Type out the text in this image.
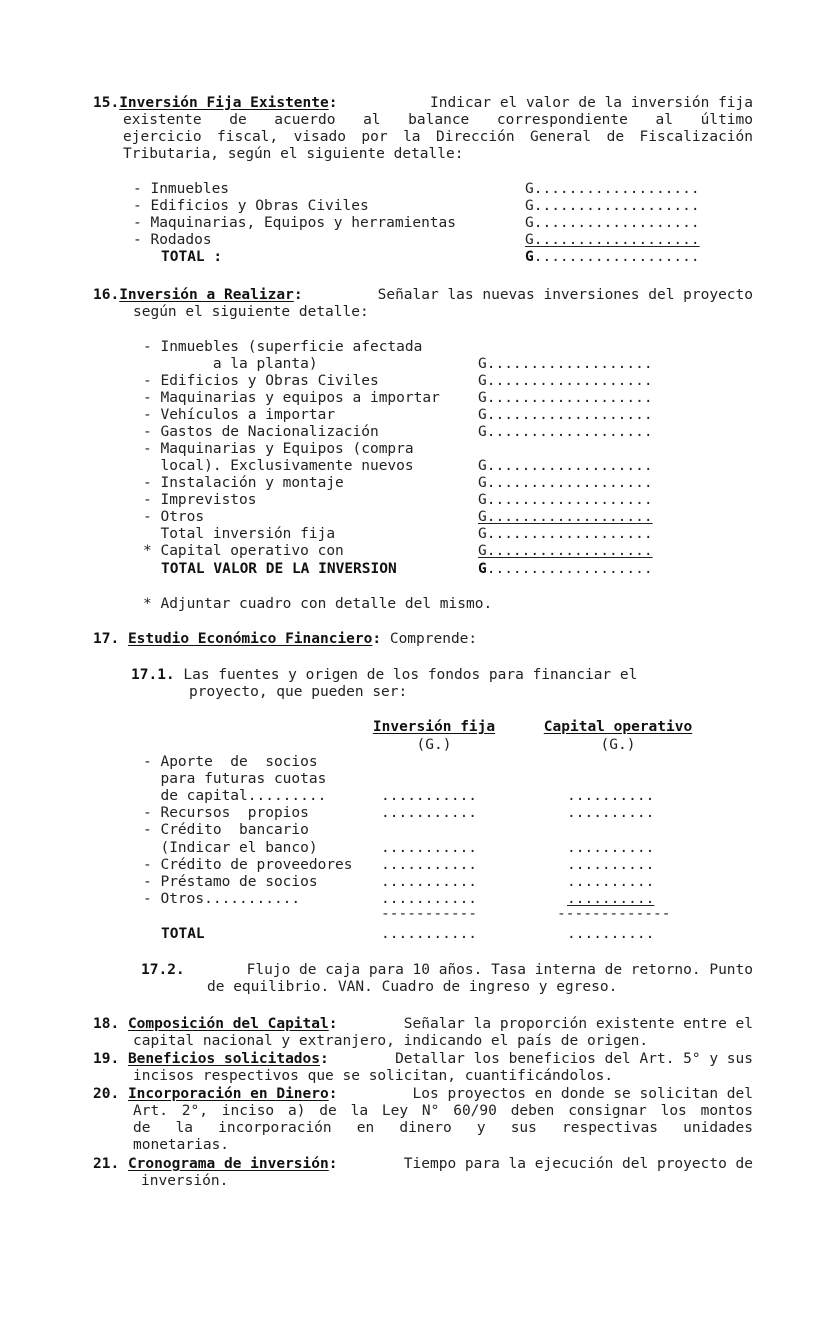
15.Inversión Fija Existente:	Indicar el valor de la inversión fija
existente de acuerdo al balance correspondiente al último
ejercicio fiscal, visado por la Dirección General de Fiscalización
Tributaria, según el siguiente detalle:
- Inmuebles	G...................
- Edificios y Obras Civiles	G...................
- Maquinarias, Equipos y herramientas	G...................
- Rodados	G...................
TOTAL :	G...................
16.Inversión a Realizar:	Señalar las nuevas inversiones del proyecto
según el siguiente detalle:
- Inmuebles (superficie afectada
a la planta)	G...................
- Edificios y Obras Civiles	G...................
- Maquinarias y equipos a importar	G...................
- Vehículos a importar	G...................
- Gastos de Nacionalización	G...................
- Maquinarias y Equipos (compra
local). Exclusivamente nuevos	G...................
- Instalación y montaje	G...................
- Imprevistos	G...................
- Otros	G...................
Total inversión fija	G...................
* Capital operativo con	G...................
TOTAL VALOR DE LA INVERSION	G...................
* Adjuntar cuadro con detalle del mismo.
17. Estudio Económico Financiero: Comprende:
17.1. Las fuentes y origen de los fondos para financiar el
proyecto, que pueden ser:
Inversión fija	Capital operativo
(G.)	(G.)
- Aporte  de  socios
para futuras cuotas
de capital.........	...........	..........
- Recursos  propios	...........	..........
- Crédito  bancario
(Indicar el banco)	...........	..........
- Crédito de proveedores ...........	..........
- Préstamo de socios	...........	..........
- Otros...........	...........	..........
-----------	-------------
TOTAL	...........	..........
17.2.	Flujo de caja para 10 años. Tasa interna de retorno. Punto
de equilibrio. VAN. Cuadro de ingreso y egreso.
18. Composición del Capital:	Señalar la proporción existente entre el
capital nacional y extranjero, indicando el país de origen.
19. Beneficios solicitados:	Detallar los beneficios del Art. 5° y sus
incisos respectivos que se solicitan, cuantificándolos.
20. Incorporación en Dinero:	Los proyectos en donde se solicitan del
Art. 2°, inciso a) de la Ley N° 60/90 deben consignar los montos
de la incorporación en dinero y sus respectivas unidades
monetarias.
21. Cronograma de inversión:	Tiempo para la ejecución del proyecto de
inversión.
